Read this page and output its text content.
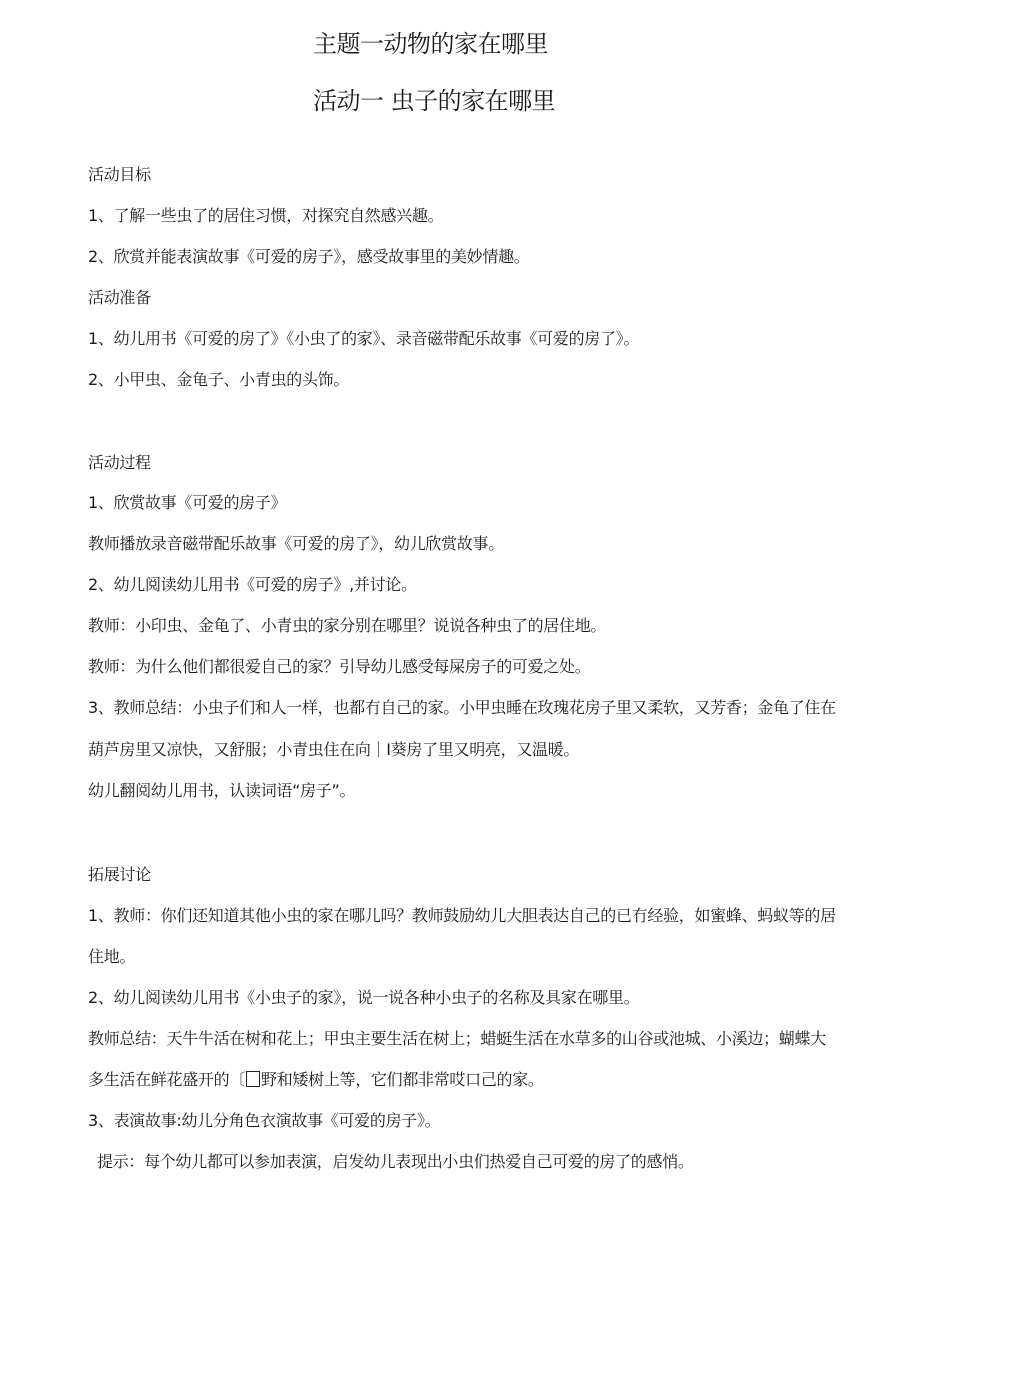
主题一动物的家在哪里
活动一 虫子的家在哪里
活动目标
1、了解一些虫了的居住习惯，对探究自然感兴趣。
2、欣赏并能表演故事《可爱的房子》，感受故事里的美妙情趣。
活动准备
1、幼儿用书《可爱的房了》《小虫了的家》、录音磁带配乐故事《可爱的房了》。
2、小甲虫、金龟子、小青虫的头饰。
活动过程
1、欣赏故事《可爱的房子》
教师播放录音磁带配乐故事《可爱的房了》，幼儿欣赏故事。
2、幼儿阅读幼儿用书《可爱的房子》,并讨论。
教师：小印虫、金龟了、小青虫的家分别在哪里？说说各种虫了的居住地。
教师：为什么他们都很爱自己的家？引导幼儿感受每屎房子的可爱之处。
3、教师总结：小虫子们和人一样，也都冇自己的家。小甲虫睡在玫瑰花房子里又柔软，又芳香；金龟了住在
葫芦房里又凉快，又舒服；小青虫住在向｜I葵房了里又明亮，又温暖。
幼儿翻阅幼儿用书，认读词语“房子”。
拓展讨论
1、教师：你们还知道其他小虫的家在哪儿吗？教师鼓励幼儿大胆表达自己的已冇经验，如蜜蜂、蚂蚁等的居
住地。
2、幼儿阅读幼儿用书《小虫子的家》，说一说各种小虫子的名称及具家在哪里。
教师总结：天牛牛活在树和花上；甲虫主要生活在树上；蜡蜓生活在水草多的山谷或池城、小溪边；蝴蝶大
多生活在鲜花盛开的〔 野和矮树上等，它们都非常哎口己的家。
3、表演故事:幼儿分角色衣演故事《可爱的房子》。
提示：每个幼儿都可以参加表演，启发幼儿表现出小虫们热爱自己可爱的房了的感悄。
